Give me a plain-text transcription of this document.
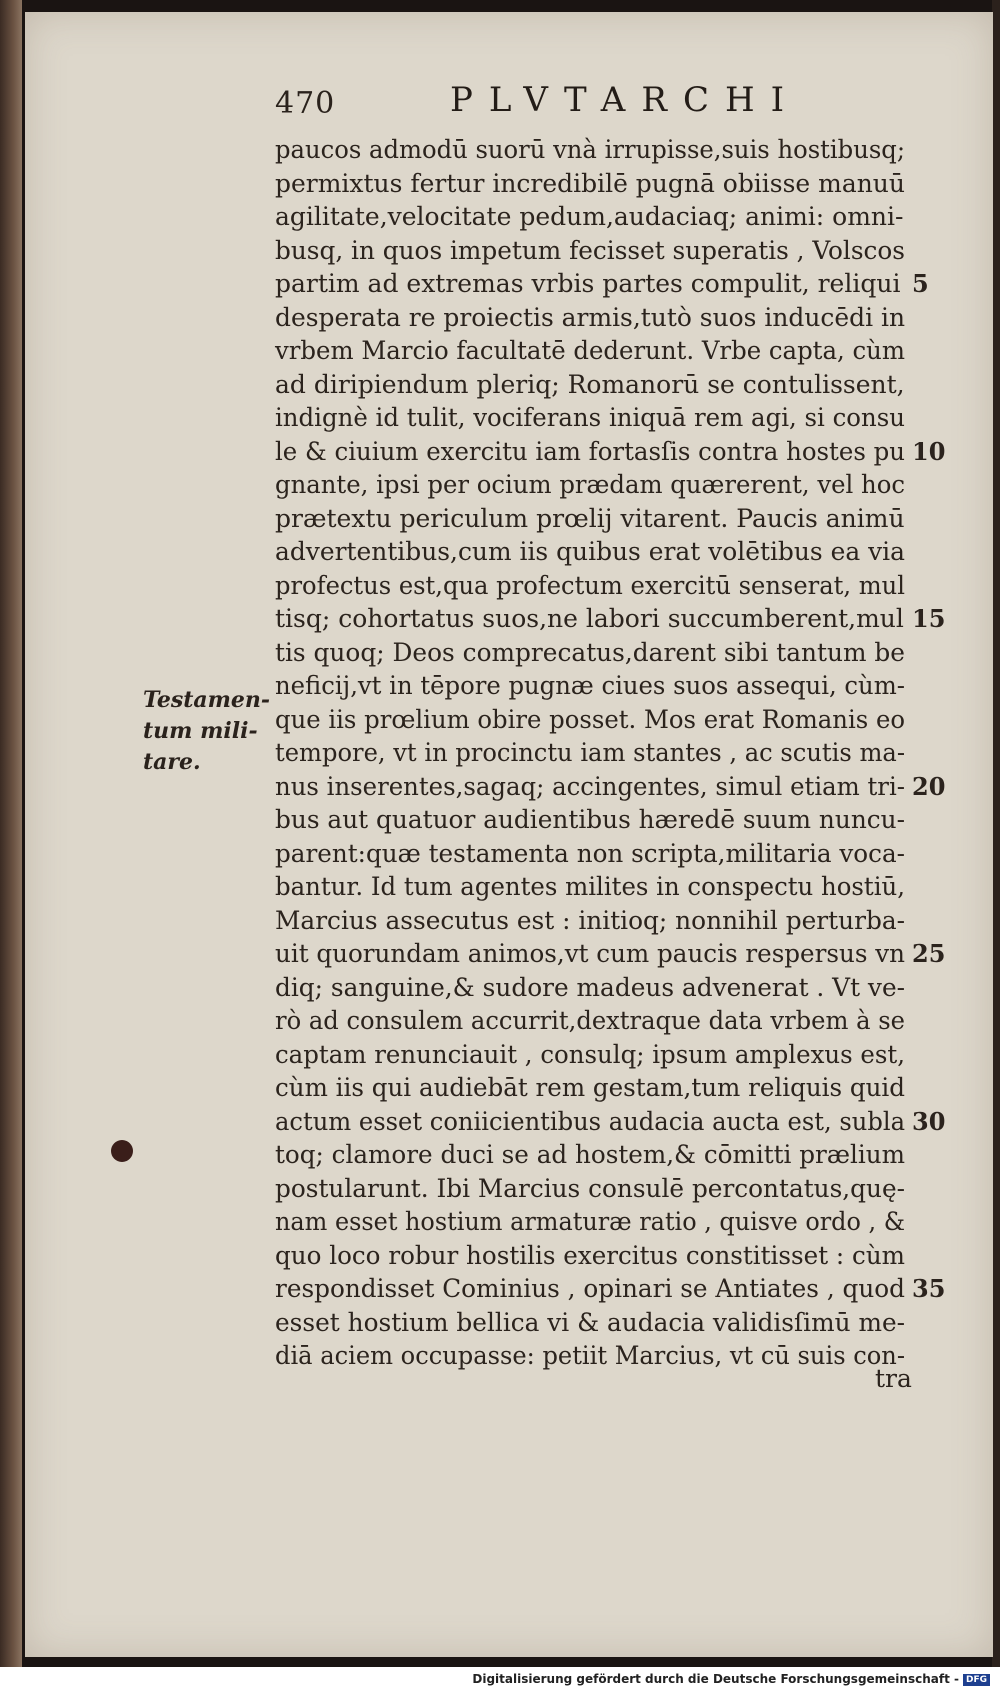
470	PLVTARCHI
Testamen-
tum mili-
tare.
paucos admodū suorū vnà irrupisse,suis hostibusq;
permixtus fertur incredibilē pugnā obiisse manuū
agilitate,velocitate pedum,audaciaq; animi: omni-
busq, in quos impetum fecisset superatis , Volscos
partim ad extremas vrbis partes compulit, reliqui 5
desperata re proiectis armis,tutò suos inducēdi in
vrbem Marcio facultatē dederunt. Vrbe capta, cùm
ad diripiendum pleriq; Romanorū se contulissent,
indignè id tulit, vociferans iniquā rem agi, si consu
le & ciuium exercitu iam fortasſis contra hostes pu 10
gnante, ipsi per ocium prædam quærerent, vel hoc
prætextu periculum prœlij vitarent. Paucis animū
advertentibus,cum iis quibus erat volētibus ea via
profectus est,qua profectum exercitū senserat, mul
tisq; cohortatus suos,ne labori succumberent,mul 15
tis quoq; Deos comprecatus,darent sibi tantum be
neficij,vt in tēpore pugnæ ciues suos assequi, cùm-
que iis prœlium obire posset. Mos erat Romanis eo
tempore, vt in procinctu iam stantes , ac scutis ma-
nus inserentes,sagaq; accingentes, simul etiam tri- 20
bus aut quatuor audientibus hæredē suum nuncu-
parent:quæ testamenta non scripta,militaria voca-
bantur. Id tum agentes milites in conspectu hostiū,
Marcius assecutus est : initioq; nonnihil perturba-
uit quorundam animos,vt cum paucis respersus vn 25
diq; sanguine,& sudore madeus advenerat . Vt ve-
rò ad consulem accurrit,dextraque data vrbem à se
captam renunciauit , consulq; ipsum amplexus est,
cùm iis qui audiebāt rem gestam,tum reliquis quid
actum esset coniicientibus audacia aucta est, subla 30
toq; clamore duci se ad hostem,& cōmitti prælium
postularunt. Ibi Marcius consulē percontatus,quę-
nam esset hostium armaturæ ratio , quisve ordo , &
quo loco robur hostilis exercitus constitisset : cùm
respondisset Cominius , opinari se Antiates , quod 35
esset hostium bellica vi & audacia validisſimū me-
diā aciem occupasse: petiit Marcius, vt cū suis con-
tra
Digitalisierung gefördert durch die Deutsche Forschungsgemeinschaft - DFG
